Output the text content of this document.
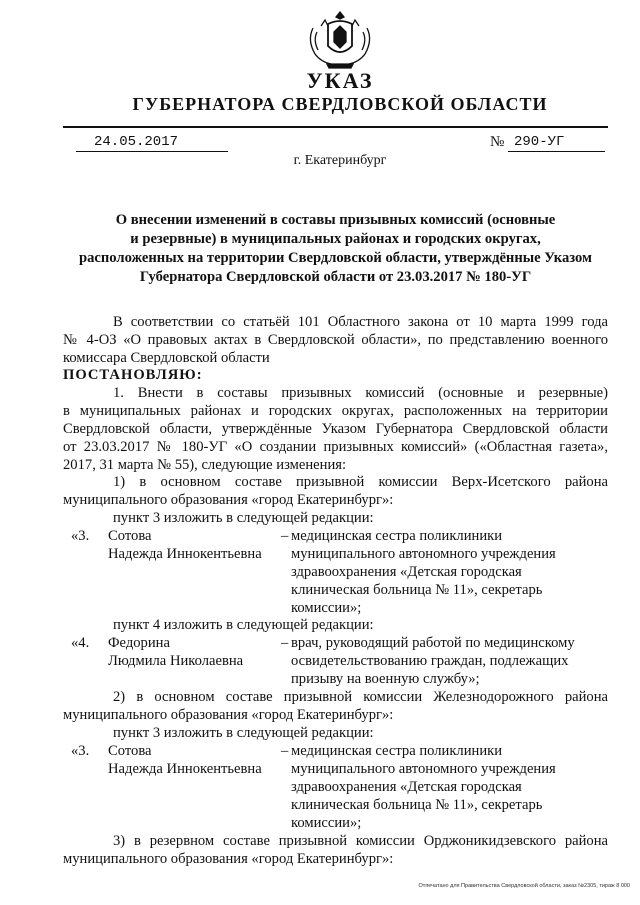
УКАЗ
ГУБЕРНАТОРА СВЕРДЛОВСКОЙ ОБЛАСТИ
24.05.2017	№ 290-УГ
г. Екатеринбург
О внесении изменений в составы призывных комиссий (основные
и резервные) в муниципальных районах и городских округах,
расположенных на территории Свердловской области, утверждённые Указом
Губернатора Свердловской области от 23.03.2017 № 180-УГ
В соответствии со статьёй 101 Областного закона от 10 марта 1999 года
№ 4-ОЗ «О правовых актах в Свердловской области», по представлению военного
комиссара Свердловской области
ПОСТАНОВЛЯЮ:
1. Внести в составы призывных комиссий (основные и резервные)
в муниципальных районах и городских округах, расположенных на территории
Свердловской области, утверждённые Указом Губернатора Свердловской области
от 23.03.2017 № 180-УГ «О создании призывных комиссий» («Областная газета»,
2017, 31 марта № 55), следующие изменения:
1) в основном составе призывной комиссии Верх-Исетского района
муниципального образования «город Екатеринбург»:
пункт 3 изложить в следующей редакции:
«3. Сотова
Надежда Иннокентьевна
– медицинская сестра поликлиники
муниципального автономного учреждения
здравоохранения «Детская городская
клиническая больница № 11», секретарь
комиссии»;
пункт 4 изложить в следующей редакции:
«4. Федорина
Людмила Николаевна
– врач, руководящий работой по медицинскому
освидетельствованию граждан, подлежащих
призыву на военную службу»;
2) в основном составе призывной комиссии Железнодорожного района
муниципального образования «город Екатеринбург»:
пункт 3 изложить в следующей редакции:
«3. Сотова
Надежда Иннокентьевна
– медицинская сестра поликлиники
муниципального автономного учреждения
здравоохранения «Детская городская
клиническая больница № 11», секретарь
комиссии»;
3) в резервном составе призывной комиссии Орджоникидзевского района
муниципального образования «город Екатеринбург»:
Отпечатано для Правительства Свердловской области, заказ №2305, тираж 8 000
